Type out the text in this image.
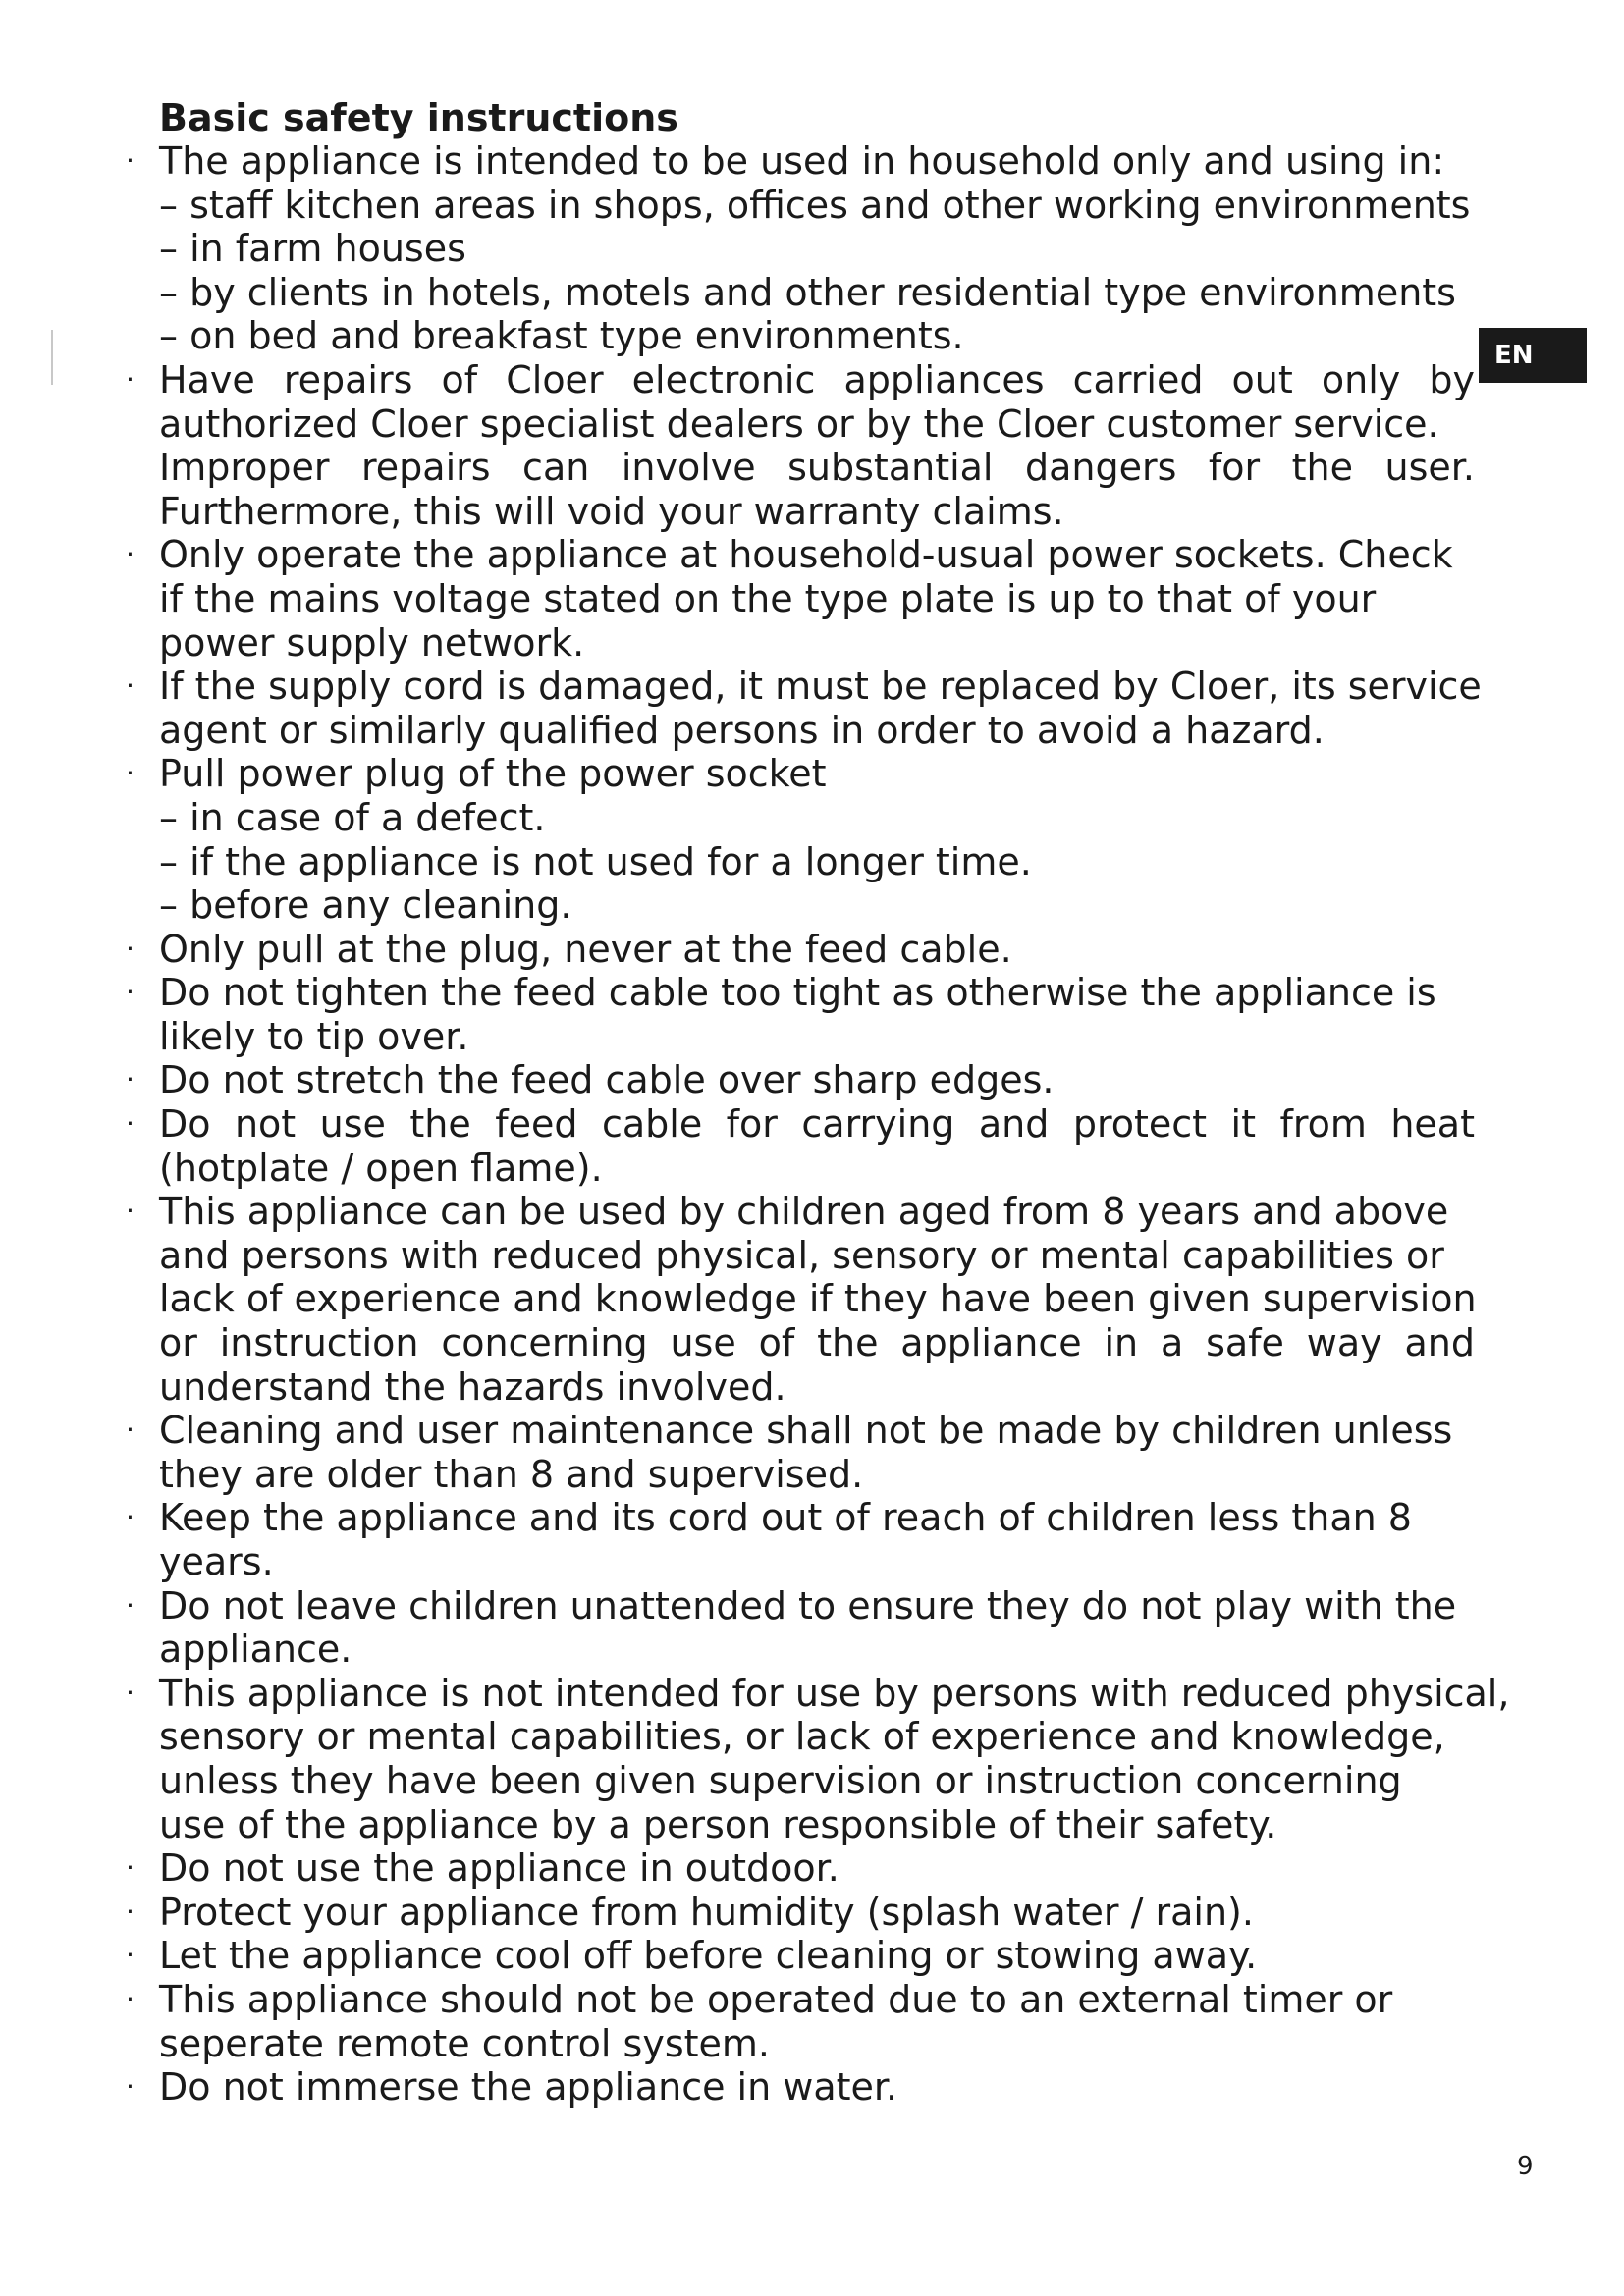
Basic safety instructions
· The appliance is intended to be used in household only and using in:
– staff kitchen areas in shops, offices and other working environments
– in farm houses
– by clients in hotels, motels and other residential type environments
– on bed and breakfast type environments.
· Have repairs of Cloer electronic appliances carried out only by
authorized Cloer specialist dealers or by the Cloer customer service.
Improper repairs can involve substantial dangers for the user.
Furthermore, this will void your warranty claims.
· Only operate the appliance at household-usual power sockets. Check
if the mains voltage stated on the type plate is up to that of your
power supply network.
· If the supply cord is damaged, it must be replaced by Cloer, its service
agent or similarly qualified persons in order to avoid a hazard.
· Pull power plug of the power socket
– in case of a defect.
– if the appliance is not used for a longer time.
– before any cleaning.
· Only pull at the plug, never at the feed cable.
· Do not tighten the feed cable too tight as otherwise the appliance is
likely to tip over.
· Do not stretch the feed cable over sharp edges.
· Do not use the feed cable for carrying and protect it from heat
(hotplate / open flame).
· This appliance can be used by children aged from 8 years and above
and persons with reduced physical, sensory or mental capabilities or
lack of experience and knowledge if they have been given supervision
or instruction concerning use of the appliance in a safe way and
understand the hazards involved.
· Cleaning and user maintenance shall not be made by children unless
they are older than 8 and supervised.
· Keep the appliance and its cord out of reach of children less than 8
years.
· Do not leave children unattended to ensure they do not play with the
appliance.
· This appliance is not intended for use by persons with reduced physical,
sensory or mental capabilities, or lack of experience and knowledge,
unless they have been given supervision or instruction concerning
use of the appliance by a person responsible of their safety.
· Do not use the appliance in outdoor.
· Protect your appliance from humidity (splash water / rain).
· Let the appliance cool off before cleaning or stowing away.
· This appliance should not be operated due to an external timer or
seperate remote control system.
· Do not immerse the appliance in water.
EN
9
